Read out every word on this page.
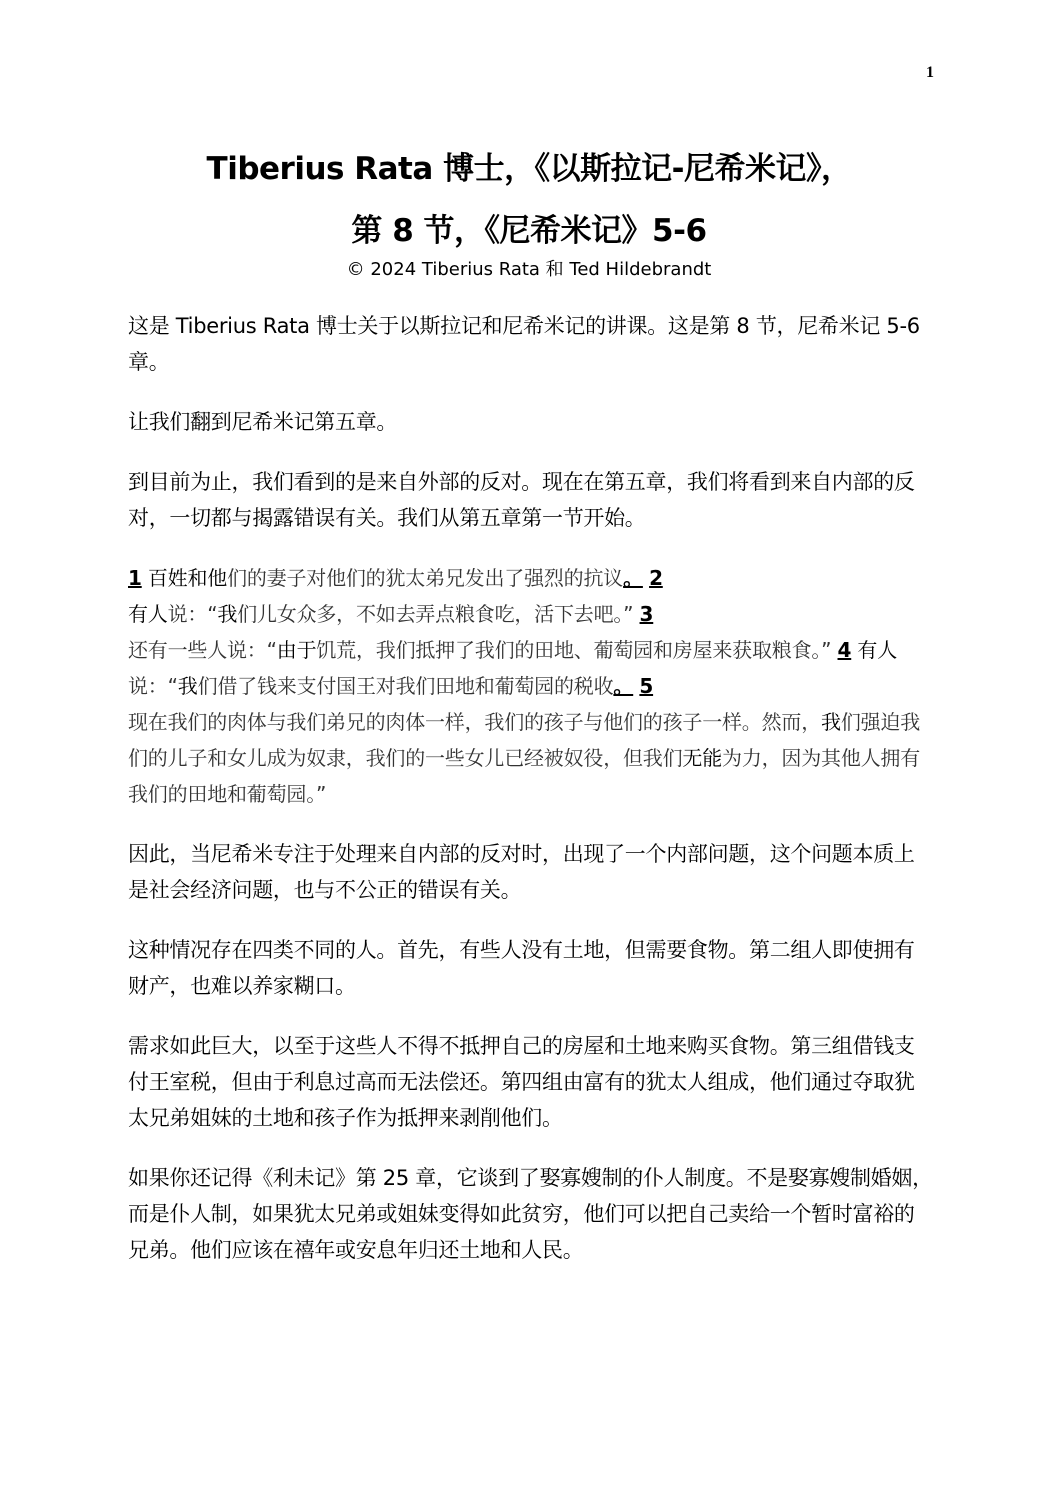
1
Tiberius Rata 博士，《以斯拉记-尼希米记》，
第 8 节，《尼希米记》5-6
© 2024 Tiberius Rata 和 Ted Hildebrandt

这是 Tiberius Rata 博士关于以斯拉记和尼希米记的讲课。这是第 8 节，尼希米记 5-6 章。

让我们翻到尼希米记第五章。

到目前为止，我们看到的是来自外部的反对。现在在第五章，我们将看到来自内部的反对，一切都与揭露错误有关。我们从第五章第一节开始。

1 百姓和他们的妻子对他们的犹太弟兄发出了强烈的抗议。 2
有人说：“我们儿女众多，不如去弄点粮食吃，活下去吧。” 3
还有一些人说：“由于饥荒，我们抵押了我们的田地、葡萄园和房屋来获取粮食。” 4 有人说：“我们借了钱来支付国王对我们田地和葡萄园的税收。 5
现在我们的肉体与我们弟兄的肉体一样，我们的孩子与他们的孩子一样。然而，我们强迫我们的儿子和女儿成为奴隶，我们的一些女儿已经被奴役，但我们无能为力，因为其他人拥有我们的田地和葡萄园。”

因此，当尼希米专注于处理来自内部的反对时，出现了一个内部问题，这个问题本质上是社会经济问题，也与不公正的错误有关。

这种情况存在四类不同的人。首先，有些人没有土地，但需要食物。第二组人即使拥有财产，也难以养家糊口。

需求如此巨大，以至于这些人不得不抵押自己的房屋和土地来购买食物。第三组借钱支付王室税，但由于利息过高而无法偿还。第四组由富有的犹太人组成，他们通过夺取犹太兄弟姐妹的土地和孩子作为抵押来剥削他们。

如果你还记得《利未记》第 25 章，它谈到了娶寡嫂制的仆人制度。不是娶寡嫂制婚姻，而是仆人制，如果犹太兄弟或姐妹变得如此贫穷，他们可以把自己卖给一个暂时富裕的兄弟。他们应该在禧年或安息年归还土地和人民。
